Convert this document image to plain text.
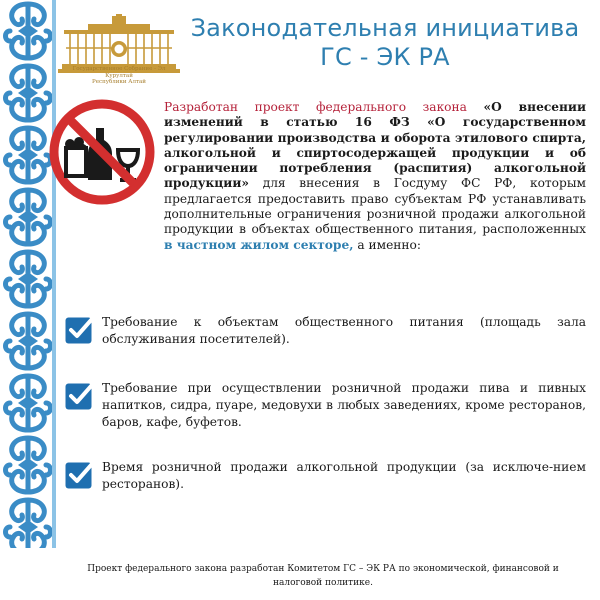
Государственное Собрание - Эл Курултай
Республики Алтай
Законодательная инициатива
ГС - ЭК РА
Разработан проект федерального закона «О внесении изменений в статью 16 ФЗ «О государственном регулировании производства и оборота этилового спирта, алкогольной и спиртосодержащей продукции и об ограничении потребления (распития) алкогольной продукции» для внесения в Госдуму ФС РФ, которым предлагается предоставить право субъектам РФ устанавливать дополнительные ограничения розничной продажи алкогольной продукции в объектах общественного питания, расположенных в частном жилом секторе, а именно:
Требование к объектам общественного питания (площадь зала обслуживания посетителей).
Требование при осуществлении розничной продажи пива и пивных напитков, сидра, пуаре, медовухи в любых заведениях, кроме ресторанов, баров, кафе, буфетов.
Время розничной продажи алкогольной продукции (за исключе-нием ресторанов).
Проект федерального закона разработан Комитетом ГС – ЭК РА по экономической, финансовой и
налоговой политике.
